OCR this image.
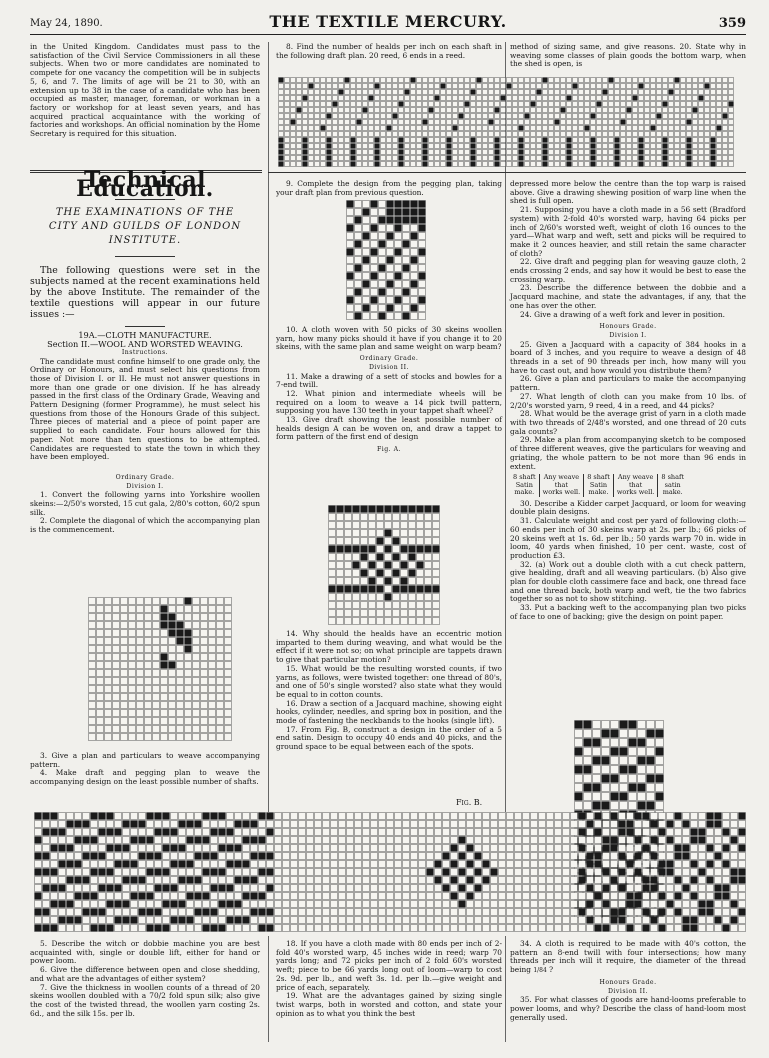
May 24, 1890.	THE TEXTILE MERCURY.	359

in the United Kingdom. Candidates must pass to the satisfaction of the Civil Service Commissioners in all these subjects. When two or more candidates are nominated to compete for one vacancy the competition will be in subjects 5, 6, and 7. The limits of age will be 21 to 30, with an extension up to 38 in the case of a candidate who has been occupied as master, manager, foreman, or workman in a factory or workshop for at least seven years, and has acquired practical acquaintance with the working of factories and workshops. An official nomination by the Home Secretary is required for this situation.

Technical Education.
THE EXAMINATIONS OF THE
CITY AND GUILDS OF LONDON
INSTITUTE.

The following questions were set in the subjects named at the recent examinations held by the above Institute. The remainder of the textile questions will appear in our future issues :—

19A.—CLOTH MANUFACTURE.

Section II.—WOOL AND WORSTED WEAVING.

Instructions.

The candidate must confine himself to one grade only, the Ordinary or Honours, and must select his questions from those of Division I. or II. He must not answer questions in more than one grade or one division. If he has already passed in the first class of the Ordinary Grade, Weaving and Pattern Designing (former Programme), he must select his questions from those of the Honours Grade of this subject. Three pieces of material and a piece of point paper are supplied to each candidate. Four hours allowed for this paper. Not more than ten questions to be attempted. Candidates are requested to state the town in which they have been employed.

Ordinary Grade.

Division I.

1. Convert the following yarns into Yorkshire woollen skeins:—2/50's worsted, 15 cut gala, 2/80's cotton, 60/2 spun silk.

2. Complete the diagonal of which the accompanying plan is the commencement.

3. Give a plan and particulars to weave accompanying pattern.

4. Make draft and pegging plan to weave the accompanying design on the least possible number of shafts.

8. Find the number of healds per inch on each shaft in the following draft plan. 20 reed, 6 ends in a reed.

9. Complete the design from the pegging plan, taking your draft plan from previous question.

10. A cloth woven with 50 picks of 30 skeins woollen yarn, how many picks should it have if you change it to 20 skeins, with the same plan and same weight on warp beam?

Ordinary Grade.

Division II.

11. Make a drawing of a sett of stocks and bowles for a 7-end twill.

12. What pinion and intermediate wheels will be required on a loom to weave a 14 pick twill pattern, supposing you have 130 teeth in your tappet shaft wheel?

13. Give draft showing the least possible number of healds design A can be woven on, and draw a tappet to form pattern of the first end of design

Fig. A.

14. Why should the healds have an eccentric motion imparted to them during weaving, and what would be the effect if it were not so; on what principle are tappets drawn to give that particular motion?

15. What would be the resulting worsted counts, if two yarns, as follows, were twisted together: one thread of 80's, and one of 50's single worsted? also state what they would be equal to in cotton counts.

16. Draw a section of a Jacquard machine, showing eight hooks, cylinder, needles, and spring box in position, and the mode of fastening the neckbands to the hooks (single lift).

17. From Fig. B, construct a design in the order of a 5 end satin. Design to occupy 40 ends and 40 picks, and the ground space to be equal between each of the spots.

Fig. B.

method of sizing same, and give reasons. 20. State why in weaving some classes of plain goods the bottom warp, when the shed is open, is

depressed more below the centre than the top warp is raised above. Give a drawing shewing position of warp line when the shed is full open.

21. Supposing you have a cloth made in a 56 sett (Bradford system) with 2-fold 40's worsted warp, having 64 picks per inch of 2/60's worsted weft, weight of cloth 16 ounces to the yard—What warp and weft, sett and picks will be required to make it 2 ounces heavier, and still retain the same character of cloth?

22. Give draft and pegging plan for weaving gauze cloth, 2 ends crossing 2 ends, and say how it would be best to ease the crossing warp.

23. Describe the difference between the dobbie and a Jacquard machine, and state the advantages, if any, that the one has over the other.

24. Give a drawing of a weft fork and lever in position.

Honours Grade.

Division I.

25. Given a Jacquard with a capacity of 384 hooks in a board of 3 inches, and you require to weave a design of 48 threads in a set of 90 threads per inch, how many will you have to cast out, and how would you distribute them?

26. Give a plan and particulars to make the accompanying pattern.

27. What length of cloth can you make from 10 lbs. of 2/20's worsted yarn, 9 reed, 4 in a reed, and 44 picks?

28. What would be the average grist of yarn in a cloth made with two threads of 2/48's worsted, and one thread of 20 cuts gala counts?

29. Make a plan from accompanying sketch to be composed of three different weaves, give the particulars for weaving and griating, the whole pattern to be not more than 96 ends in extent.

8 shaft
Satin
make.	Any weave
that
works well.	8 shaft
Satin
make.	Any weave
that
works well.	8 shaft
satin
make.

30. Describe a Kidder carpet Jacquard, or loom for weaving double plain designs.

31. Calculate weight and cost per yard of following cloth:—60 ends per inch of 30 skeins warp at 2s. per lb.; 66 picks of 20 skeins weft at 1s. 6d. per lb.; 50 yards warp 70 in. wide in loom, 40 yards when finished, 10 per cent. waste, cost of production £3.

32. (a) Work out a double cloth with a cut check pattern, give healding, draft and all weaving particulars. (b) Also give plan for double cloth cassimere face and back, one thread face and one thread back, both warp and weft, tie the two fabrics together so as not to show stitching.

33. Put a backing weft to the accompanying plan two picks of face to one of backing; give the design on point paper.

5. Describe the witch or dobbie machine you are best acquainted with, single or double lift, either for hand or power loom.

6. Give the difference between open and close shedding, and what are the advantages of either system?

7. Give the thickness in woollen counts of a thread of 20 skeins woollen doubled with a 70/2 fold spun silk; also give the cost of the twisted thread, the woollen yarn costing 2s. 6d., and the silk 15s. per lb.

18. If you have a cloth made with 80 ends per inch of 2-fold 40's worsted warp, 45 inches wide in reed; warp 70 yards long; and 72 picks per inch of 2 fold 60's worsted weft; piece to be 66 yards long out of loom—warp to cost 2s. 9d. per lb., and weft 3s. 1d. per lb.—give weight and price of each, separately.

19. What are the advantages gained by sizing single twist warps, both in worsted and cotton, and state your opinion as to what you think the best

34. A cloth is required to be made with 40's cotton, the pattern an 8-end twill with four intersections; how many threads per inch will it require, the diameter of the thread being 1/84 ?

Honours Grade.

Division II.

35. For what classes of goods are hand-looms preferable to power looms, and why? Describe the class of hand-loom most generally used.
